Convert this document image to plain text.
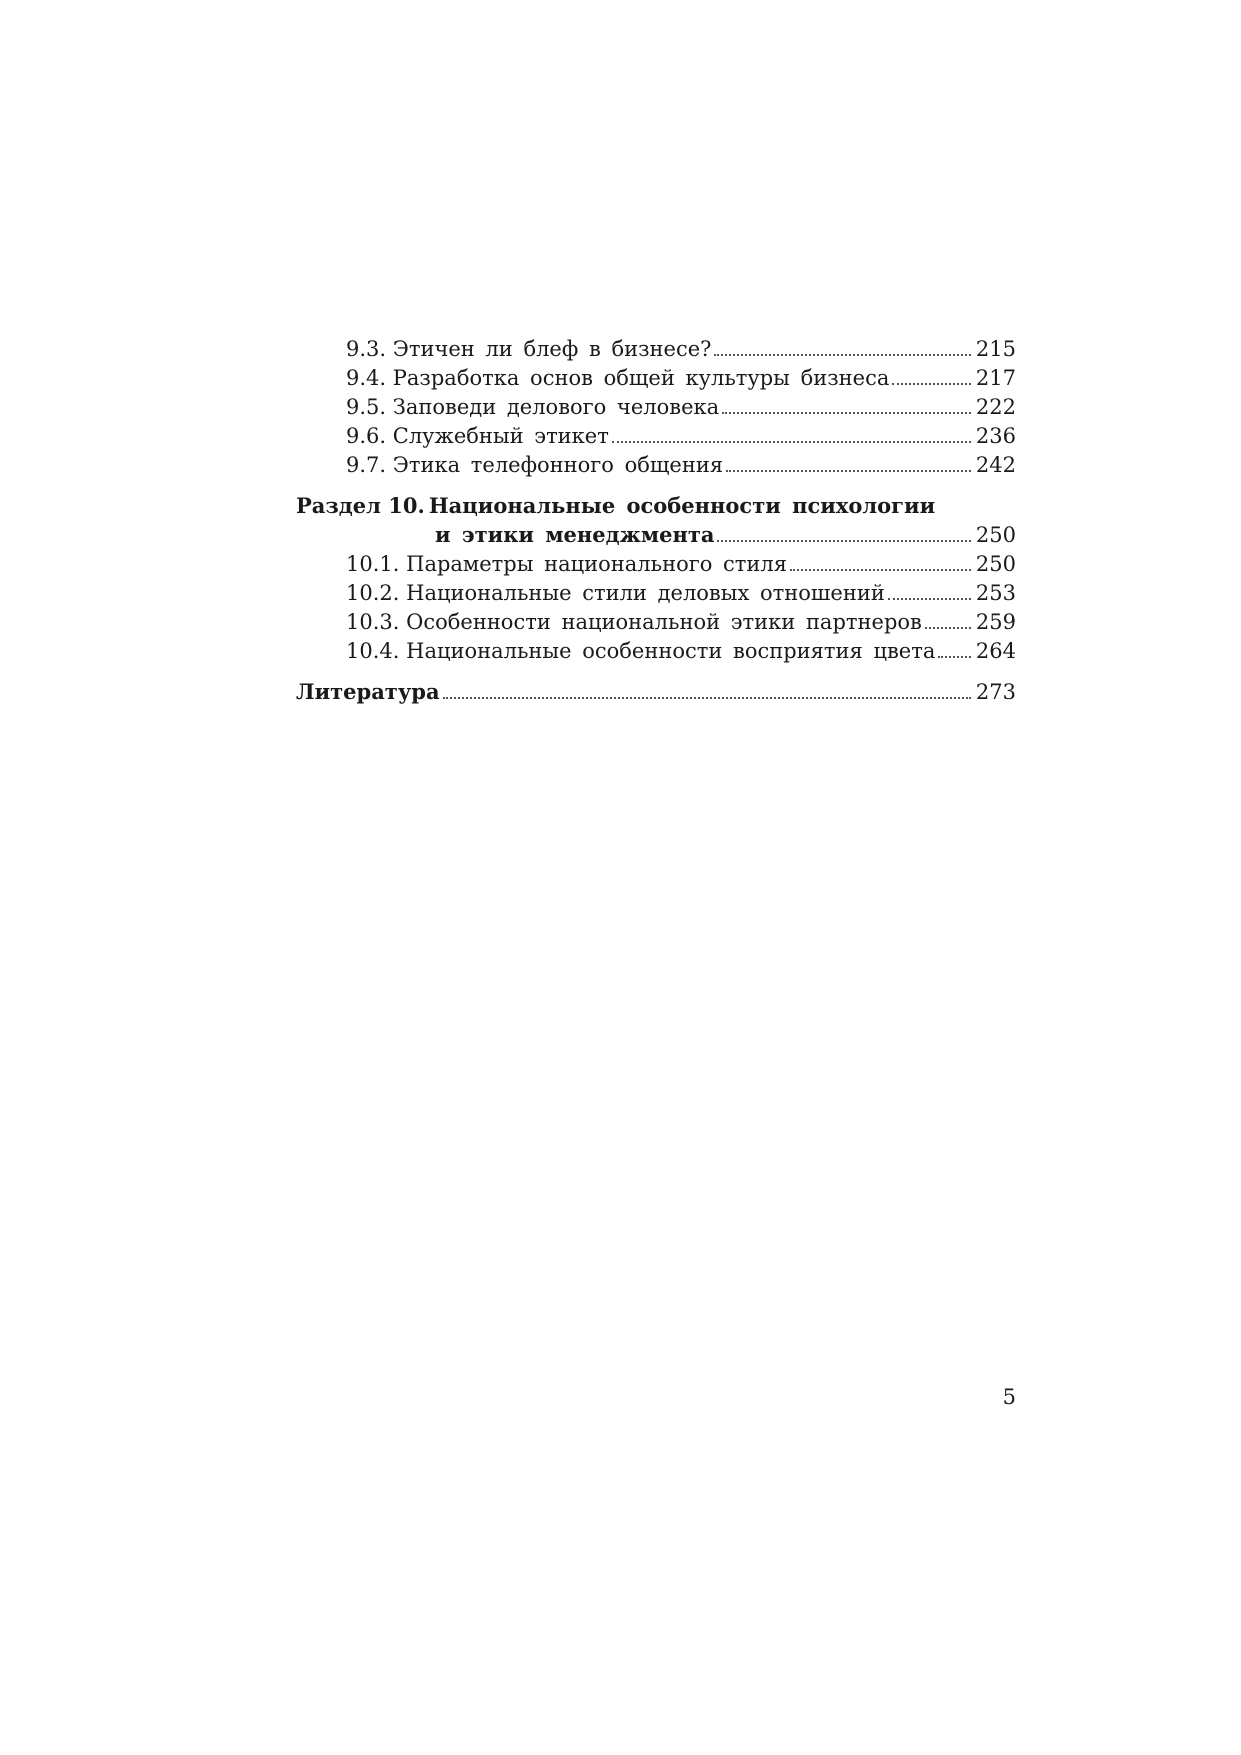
9.3.
Этичен ли блеф в бизнесе?	215
9.4.
Разработка основ общей культуры бизнеса	217
9.5.
Заповеди делового человека	222
9.6.
Служебный этикет	236
9.7.
Этика телефонного общения	242
Раздел 10. Национальные особенности психологии
и этики менеджмента	250
10.1.
Параметры национального стиля	250
10.2.
Национальные стили деловых отношений	253
10.3.
Особенности национальной этики партнеров	259
10.4.
Национальные особенности восприятия цвета 264
Литература	273
5
